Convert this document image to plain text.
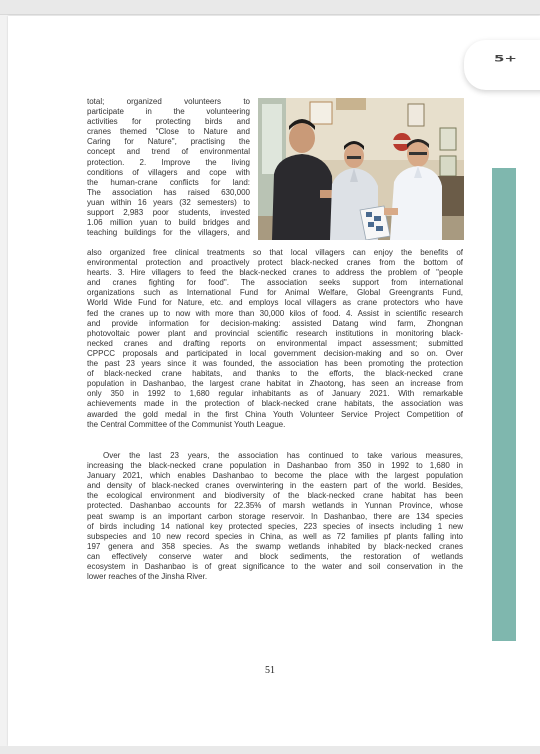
5+
total; organized volunteers to
participate in the volunteering
activities for protecting birds and
cranes themed "Close to Nature and
Caring for Nature", practising the
concept and trend of environmental
protection. 2. Improve the living
conditions of villagers and cope with
the human-crane conflicts for land:
The association has raised 630,000
yuan within 16 years (32 semesters) to
support 2,983 poor students, invested
1.06 million yuan to build bridges and
teaching buildings for the villagers, and
also organized free clinical treatments so that local villagers can enjoy the benefits of
environmental protection and proactively protect black-necked cranes from the bottom of
hearts. 3. Hire villagers to feed the black-necked cranes to address the problem of "people
and cranes fighting for food". The association seeks support from international
organizations such as International Fund for Animal Welfare, Global Greengrants Fund,
World Wide Fund for Nature, etc. and employs local villagers as crane protectors who have
fed the cranes up to now with more than 30,000 kilos of food. 4. Assist in scientific research
and provide information for decision-making: assisted Datang wind farm, Zhongnan
photovoltaic power plant and provincial scientific research institutions in monitoring black-
necked cranes and drafting reports on environmental impact assessment; submitted
CPPCC proposals and participated in local government decision-making and so on. Over
the past 23 years since it was founded, the association has been promoting the protection
of black-necked crane habitats, and thanks to the efforts, the black-necked crane
population in Dashanbao, the largest crane habitat in Zhaotong, has seen an increase from
only 350 in 1992 to 1,680 regular inhabitants as of January 2021. With remarkable
achievements made in the protection of black-necked crane habitats, the association was
awarded the gold medal in the first China Youth Volunteer Service Project Competition of
the Central Committee of the Communist Youth League.
Over the last 23 years, the association has continued to take various measures,
increasing the black-necked crane population in Dashanbao from 350 in 1992 to 1,680 in
January 2021, which enables Dashanbao to become the place with the largest population
and density of black-necked cranes overwintering in the eastern part of the world. Besides,
the ecological environment and biodiversity of the black-necked crane habitat has been
protected. Dashanbao accounts for 22.35% of marsh wetlands in Yunnan Province, whose
peat swamp is an important carbon storage reservoir. In Dashanbao, there are 134 species
of birds including 14 national key protected species, 223 species of insects including 1 new
subspecies and 10 new record species in China, as well as 72 families pf plants falling into
197 genera and 358 species. As the swamp wetlands inhabited by black-necked cranes
can effectively conserve water and block sediments, the restoration of wetlands
ecosystem in Dashanbao is of great significance to the water and soil conservation in the
lower reaches of the Jinsha River.
51
